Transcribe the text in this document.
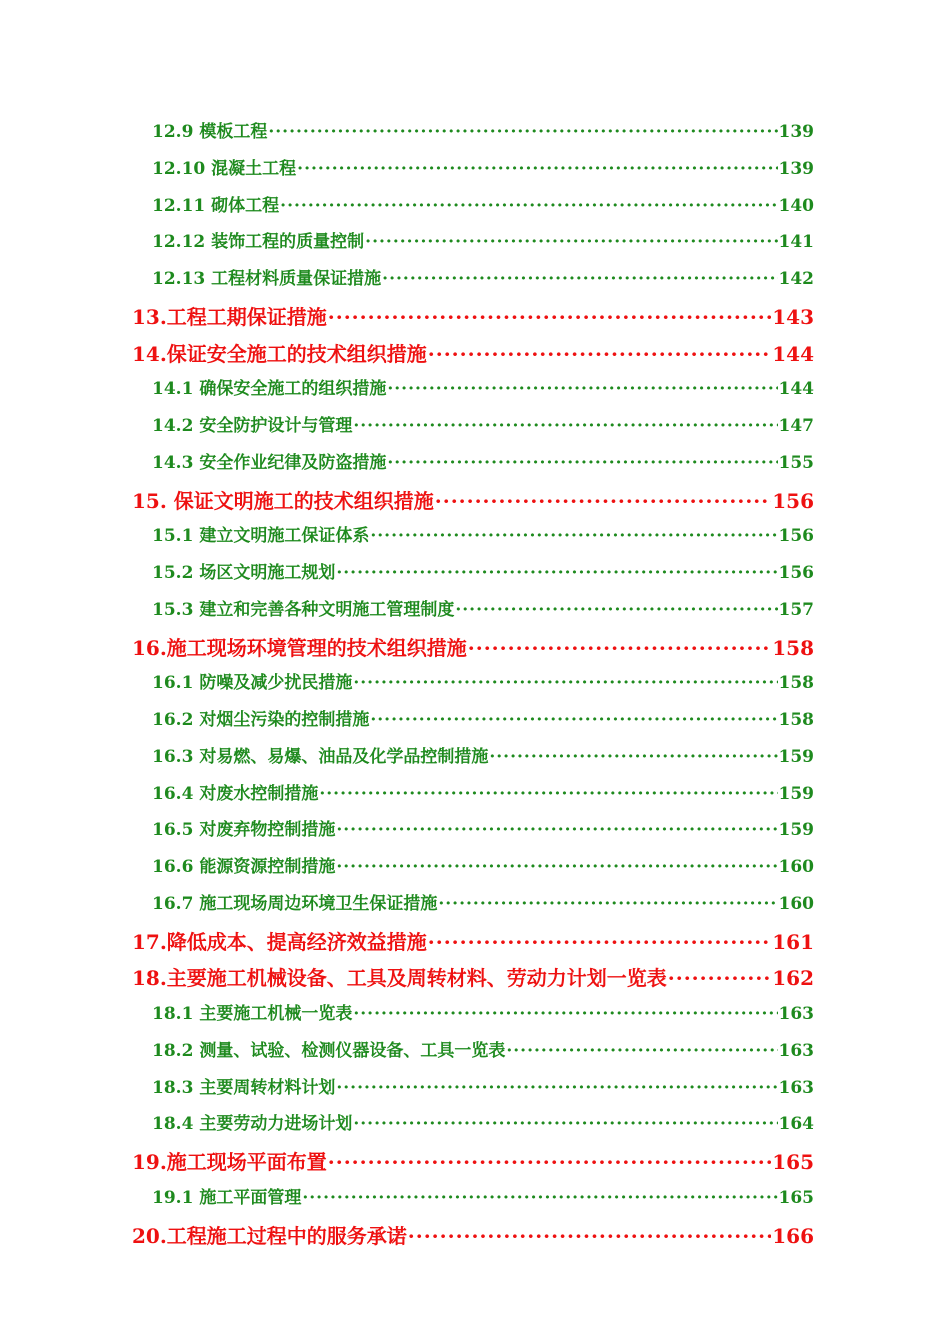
12.9 模板工程 ·····	139
12.10 混凝土工程 ·····	139
12.11 砌体工程 ·····	140
12.12 装饰工程的质量控制 ·····	141
12.13 工程材料质量保证措施 ·····	142
13.工程工期保证措施 ·····	143
14.保证安全施工的技术组织措施 ·····	144
14.1 确保安全施工的组织措施 ·····	144
14.2 安全防护设计与管理 ·····	147
14.3 安全作业纪律及防盗措施 ·····	155
15. 保证文明施工的技术组织措施 ·····	156
15.1 建立文明施工保证体系 ·····	156
15.2 场区文明施工规划 ·····	156
15.3 建立和完善各种文明施工管理制度 ·····	157
16.施工现场环境管理的技术组织措施 ·····	158
16.1 防噪及减少扰民措施 ·····	158
16.2 对烟尘污染的控制措施 ·····	158
16.3 对易燃、易爆、油品及化学品控制措施 ·····	159
16.4 对废水控制措施 ·····	159
16.5 对废弃物控制措施 ·····	159
16.6 能源资源控制措施 ·····	160
16.7 施工现场周边环境卫生保证措施 ·····	160
17.降低成本、提高经济效益措施 ·····	161
18.主要施工机械设备、工具及周转材料、劳动力计划一览表 ·····	162
18.1 主要施工机械一览表 ·····	163
18.2 测量、试验、检测仪器设备、工具一览表 ·····	163
18.3 主要周转材料计划 ·····	163
18.4 主要劳动力进场计划 ·····	164
19.施工现场平面布置 ·····	165
19.1 施工平面管理 ·····	165
20.工程施工过程中的服务承诺 ·····	166
